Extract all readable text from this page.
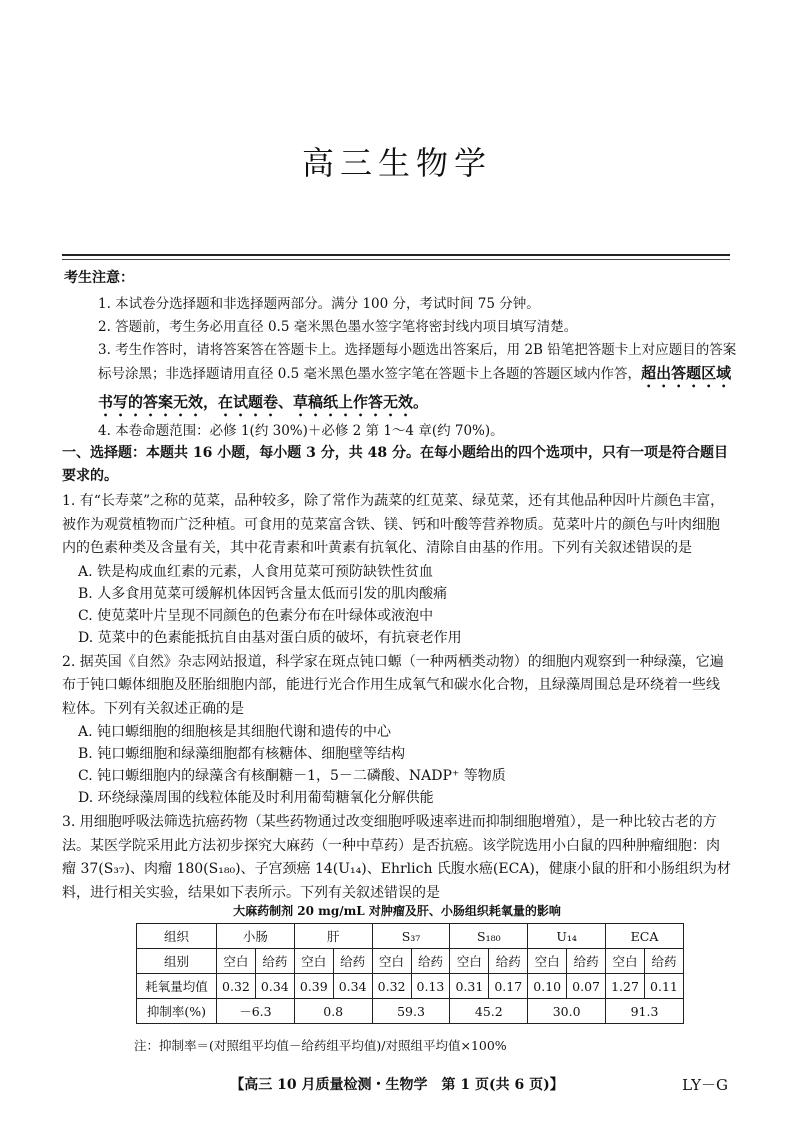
高三生物学
考生注意：
1. 本试卷分选择题和非选择题两部分。满分 100 分，考试时间 75 分钟。
2. 答题前，考生务必用直径 0.5 毫米黑色墨水签字笔将密封线内项目填写清楚。
3. 考生作答时，请将答案答在答题卡上。选择题每小题选出答案后，用 2B 铅笔把答题卡上对应题目的答案标号涂黑；非选择题请用直径 0.5 毫米黑色墨水签字笔在答题卡上各题的答题区域内作答，超出答题区域书写的答案无效，在试题卷、草稿纸上作答无效。
4. 本卷命题范围：必修 1(约 30%)＋必修 2 第 1～4 章(约 70%)。
一、选择题：本题共 16 小题，每小题 3 分，共 48 分。在每小题给出的四个选项中，只有一项是符合题目要求的。
1. 有“长寿菜”之称的苋菜，品种较多，除了常作为蔬菜的红苋菜、绿苋菜，还有其他品种因叶片颜色丰富，被作为观赏植物而广泛种植。可食用的苋菜富含铁、镁、钙和叶酸等营养物质。苋菜叶片的颜色与叶肉细胞内的色素种类及含量有关，其中花青素和叶黄素有抗氧化、清除自由基的作用。下列有关叙述错误的是
A. 铁是构成血红素的元素，人食用苋菜可预防缺铁性贫血
B. 人多食用苋菜可缓解机体因钙含量太低而引发的肌肉酸痛
C. 使苋菜叶片呈现不同颜色的色素分布在叶绿体或液泡中
D. 苋菜中的色素能抵抗自由基对蛋白质的破坏，有抗衰老作用
2. 据英国《自然》杂志网站报道，科学家在斑点钝口螈（一种两栖类动物）的细胞内观察到一种绿藻，它遍布于钝口螈体细胞及胚胎细胞内部，能进行光合作用生成氧气和碳水化合物，且绿藻周围总是环绕着一些线粒体。下列有关叙述正确的是
A. 钝口螈细胞的细胞核是其细胞代谢和遗传的中心
B. 钝口螈细胞和绿藻细胞都有核糖体、细胞壁等结构
C. 钝口螈细胞内的绿藻含有核酮糖－1，5－二磷酸、NADP⁺ 等物质
D. 环绕绿藻周围的线粒体能及时利用葡萄糖氧化分解供能
3. 用细胞呼吸法筛选抗癌药物（某些药物通过改变细胞呼吸速率进而抑制细胞增殖），是一种比较古老的方法。某医学院采用此方法初步探究大麻药（一种中草药）是否抗癌。该学院选用小白鼠的四种肿瘤细胞：肉瘤 37(S₃₇)、肉瘤 180(S₁₈₀)、子宫颈癌 14(U₁₄)、Ehrlich 氏腹水癌(ECA)，健康小鼠的肝和小肠组织为材料，进行相关实验，结果如下表所示。下列有关叙述错误的是
大麻药制剂 20 mg/mL 对肿瘤及肝、小肠组织耗氧量的影响
组织	小肠		肝		S₃₇		S₁₈₀		U₁₄		ECA	
组别	空白	给药	空白	给药	空白	给药	空白	给药	空白	给药	空白	给药
耗氧量均值	0.32	0.34	0.39	0.34	0.32	0.13	0.31	0.17	0.10	0.07	1.27	0.11
抑制率(%)	－6.3		0.8		59.3		45.2		30.0		91.3	
注：抑制率＝(对照组平均值－给药组平均值)/对照组平均值×100%
【高三 10 月质量检测・生物学　第 1 页(共 6 页)】	LY－G
